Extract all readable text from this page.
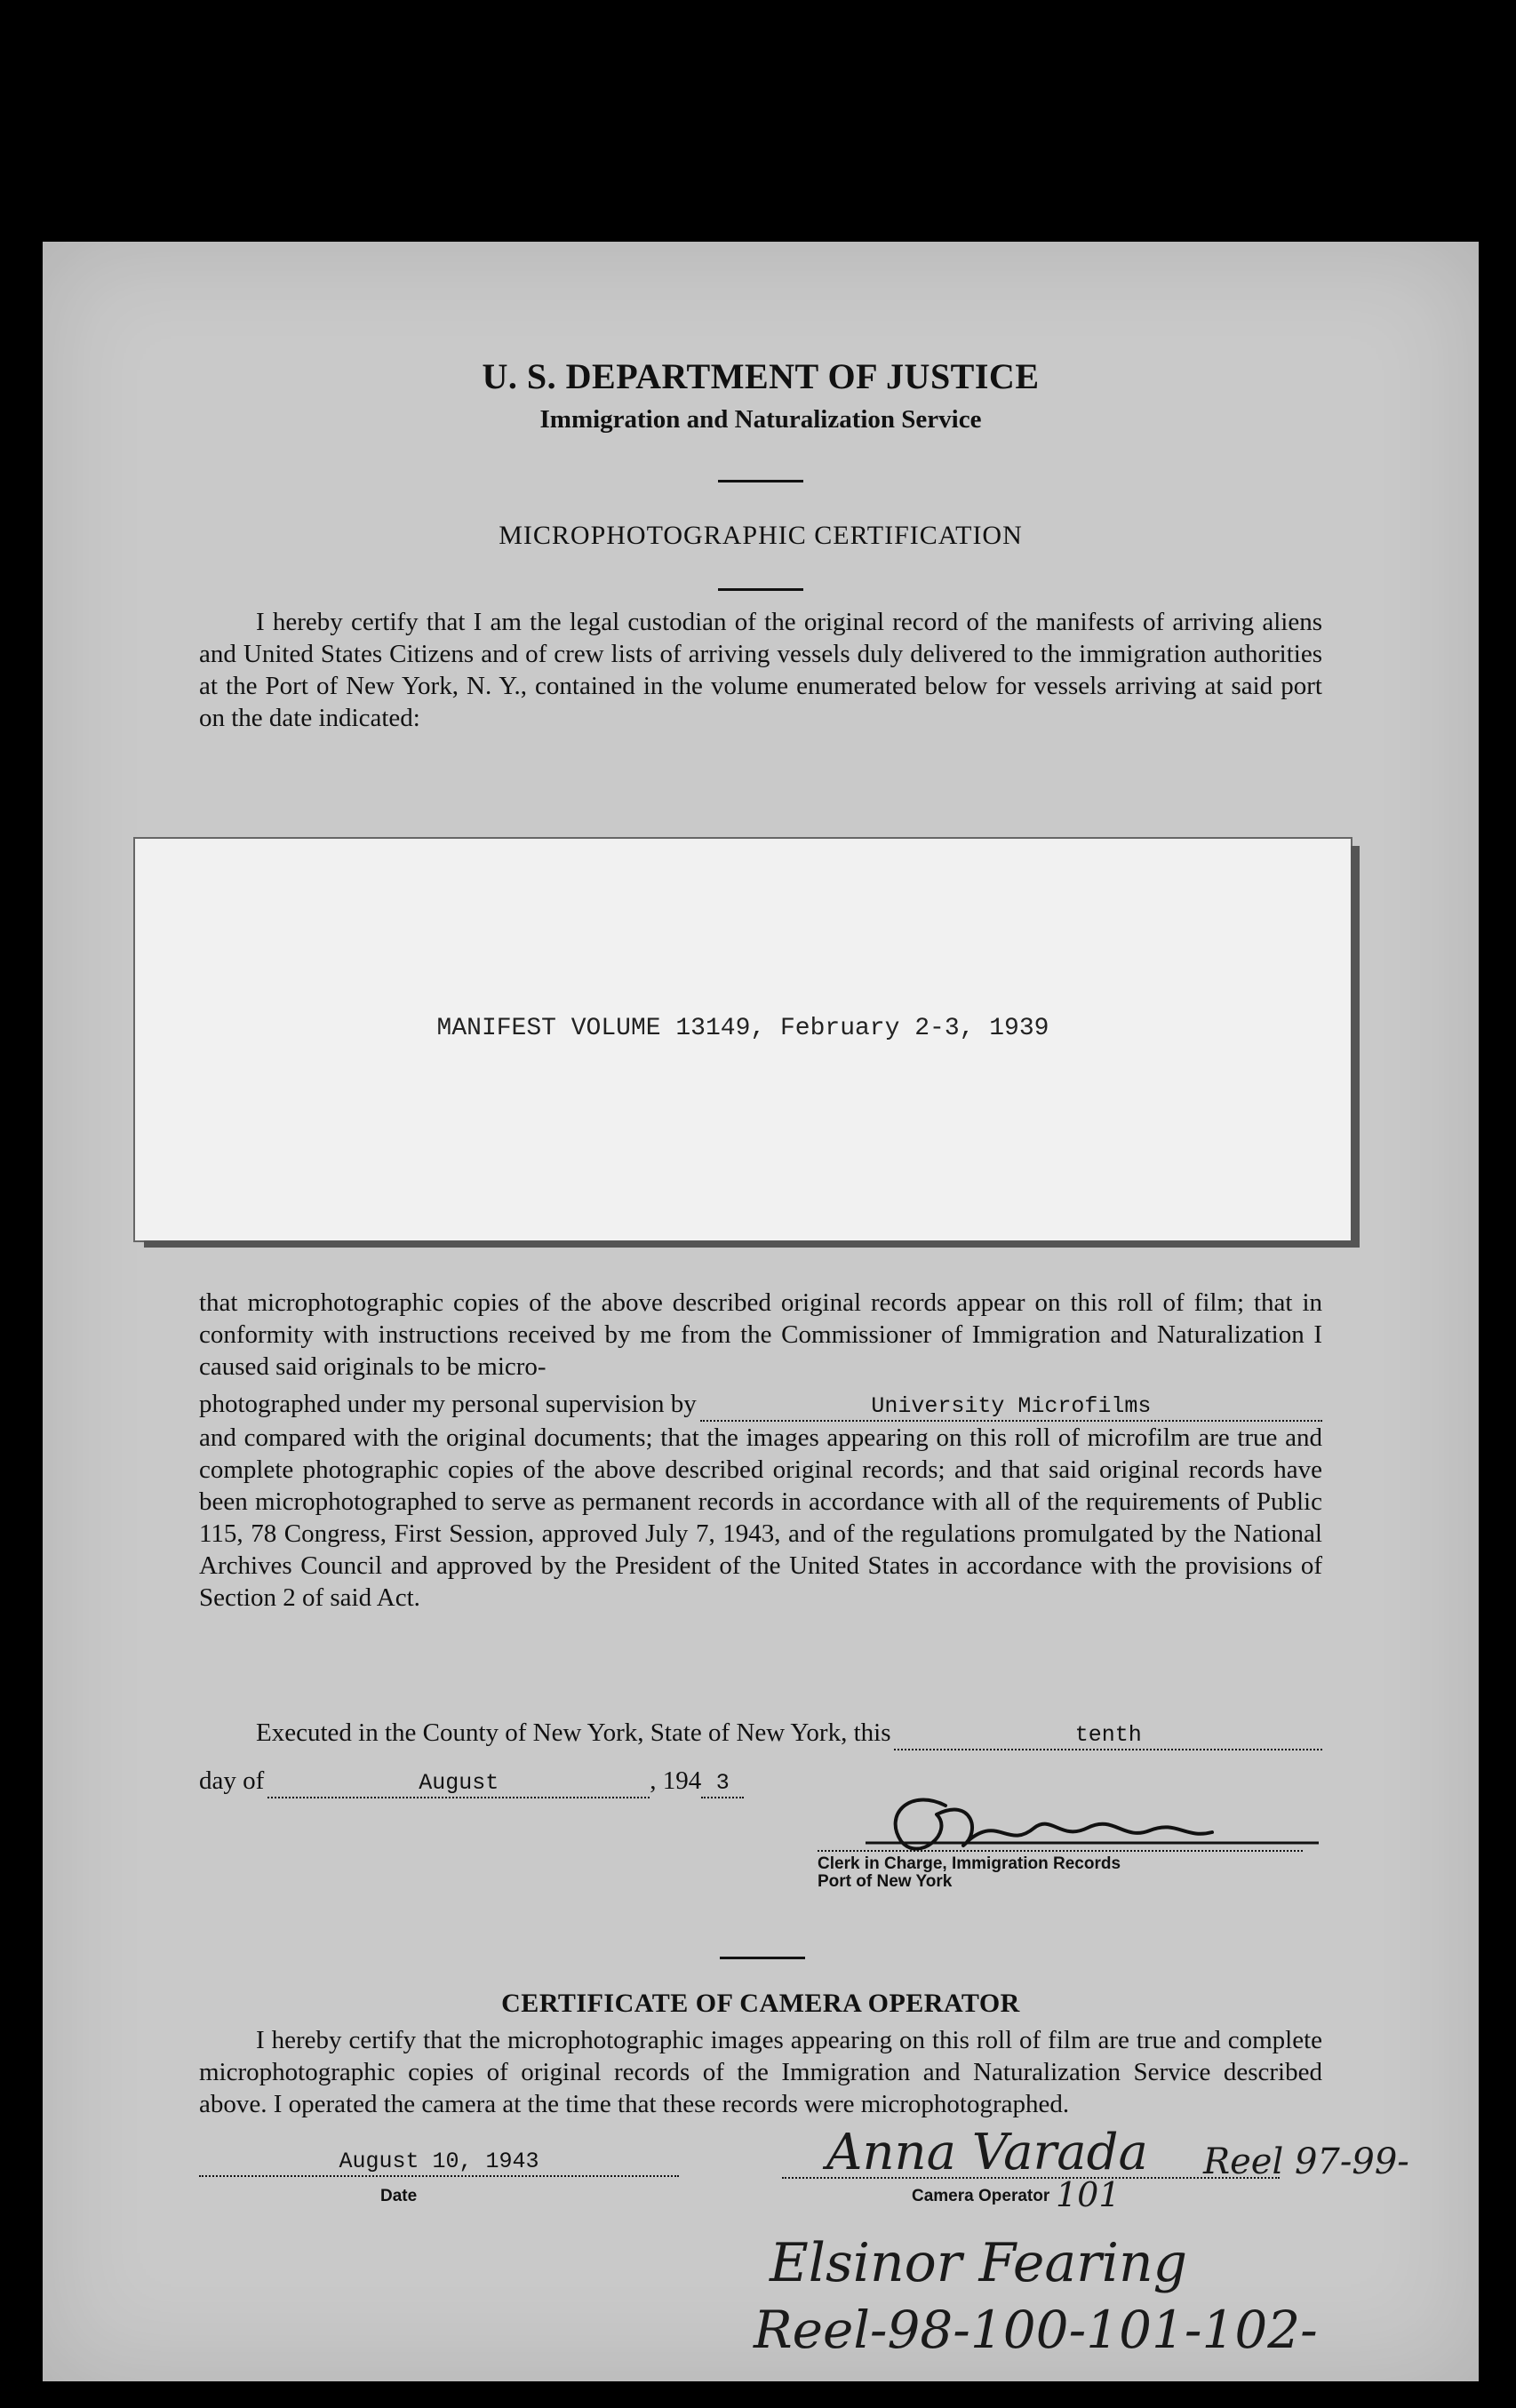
U. S. DEPARTMENT OF JUSTICE
Immigration and Naturalization Service
MICROPHOTOGRAPHIC CERTIFICATION

I hereby certify that I am the legal custodian of the original record of the manifests of arriving aliens and United States Citizens and of crew lists of arriving vessels duly delivered to the immigration authorities at the Port of New York, N. Y., contained in the volume enumerated below for vessels arriving at said port on the date indicated:

MANIFEST VOLUME 13149, February 2-3, 1939

that microphotographic copies of the above described original records appear on this roll of film; that in conformity with instructions received by me from the Commissioner of Immigration and Naturalization I caused said originals to be micro-

photographed under my personal supervision by	University Microfilms

and compared with the original documents; that the images appearing on this roll of microfilm are true and complete photographic copies of the above described original records; and that said original records have been microphotographed to serve as permanent records in accordance with all of the requirements of Public 115, 78 Congress, First Session, approved July 7, 1943, and of the regulations promulgated by the National Archives Council and approved by the President of the United States in accordance with the provisions of Section 2 of said Act.

Executed in the County of New York, State of New York, this	tenth
day of	August	, 194 3
Clerk in Charge, Immigration Records
Port of New York
CERTIFICATE OF CAMERA OPERATOR

I hereby certify that the microphotographic images appearing on this roll of film are true and complete microphotographic copies of original records of the Immigration and Naturalization Service described above. I operated the camera at the time that these records were microphotographed.

August 10, 1943
Date
Anna Varada Reel 97-99-
Camera Operator 101
Elsinor Fearing
Reel-98-100-101-102-
